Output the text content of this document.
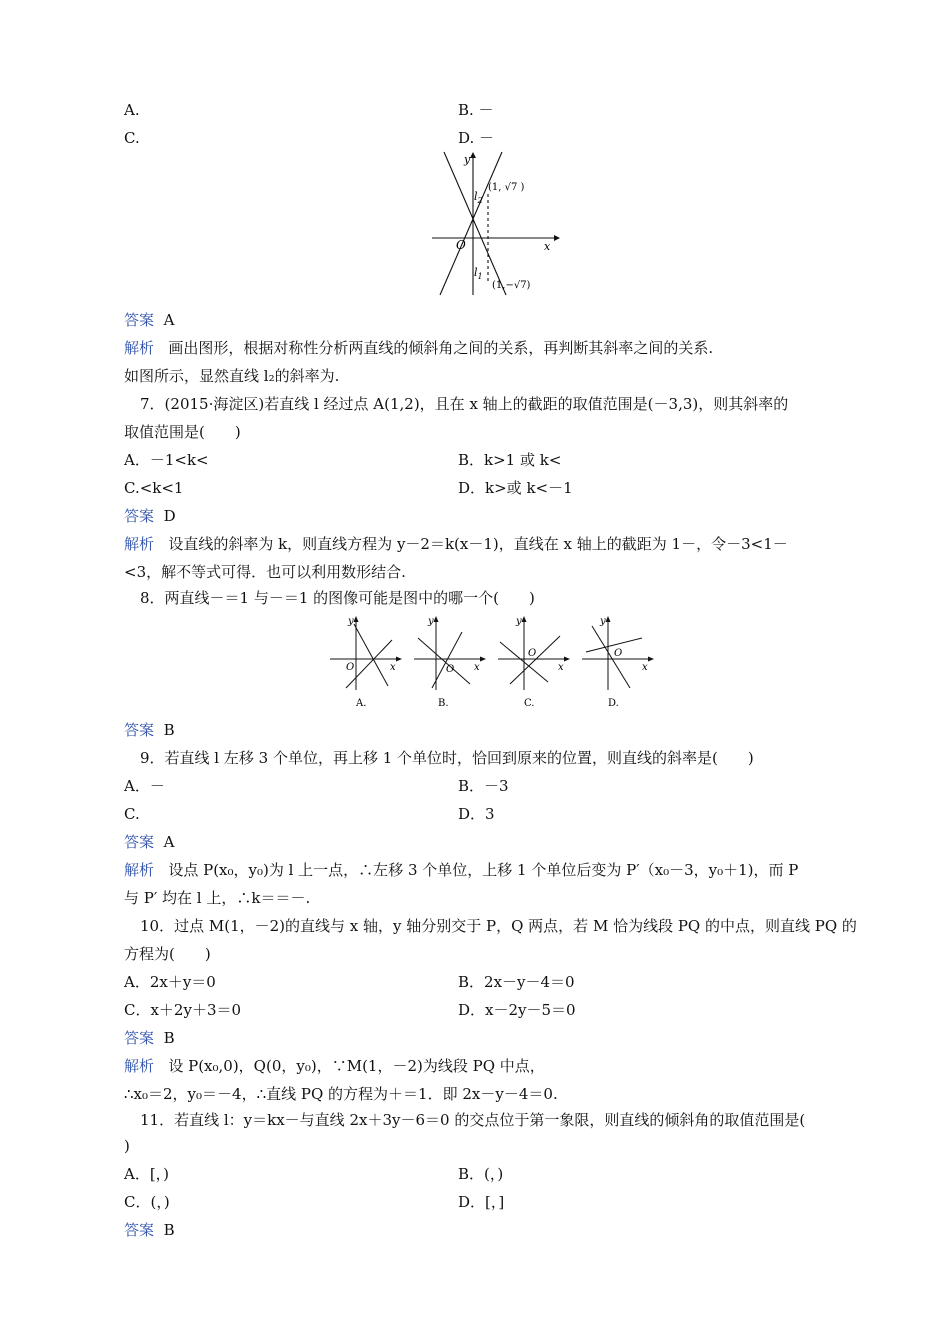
A.	B. －
C.	D. －
y
x
O
$l_2$
$l_1$
(1, √7 )
(1,−√7)
答案 A
解析 画出图形，根据对称性分析两直线的倾斜角之间的关系，再判断其斜率之间的关系.
如图所示，显然直线 l₂的斜率为.
7．(2015·海淀区)若直线 l 经过点 A(1,2)，且在 x 轴上的截距的取值范围是(－3,3)，则其斜率的
取值范围是(　　)
A．－1<k<	B．k>1 或 k<
C.<k<1	D．k>或 k<－1
答案 D
解析 设直线的斜率为 k，则直线方程为 y－2＝k(x－1)，直线在 x 轴上的截距为 1－，令－3<1－
<3，解不等式可得．也可以利用数形结合.
8．两直线－＝1 与－＝1 的图像可能是图中的哪一个(　　)
y
x
O
y
x
O
y
x
O
y
x
O
A.	B.	C.	D.
答案 B
9．若直线 l 左移 3 个单位，再上移 1 个单位时，恰回到原来的位置，则直线的斜率是(　　)
A．－	B．－3
C.	D．3
答案 A
解析 设点 P(x₀，y₀)为 l 上一点，∴左移 3 个单位，上移 1 个单位后变为 P′（x₀－3，y₀＋1)，而 P
与 P′ 均在 l 上，∴k＝＝－.
10．过点 M(1，－2)的直线与 x 轴，y 轴分别交于 P，Q 两点，若 M 恰为线段 PQ 的中点，则直线 PQ 的
方程为(　　)
A．2x＋y＝0	B．2x－y－4＝0
C．x＋2y＋3＝0	D．x－2y－5＝0
答案 B
解析 设 P(x₀,0)，Q(0，y₀)，∵M(1，－2)为线段 PQ 中点，
∴x₀＝2，y₀＝－4，∴直线 PQ 的方程为＋＝1．即 2x－y－4＝0.
11．若直线 l：y＝kx－与直线 2x＋3y－6＝0 的交点位于第一象限，则直线的倾斜角的取值范围是(
)
A．[，)	B．(，)
C．(，)	D．[，]
答案 B
